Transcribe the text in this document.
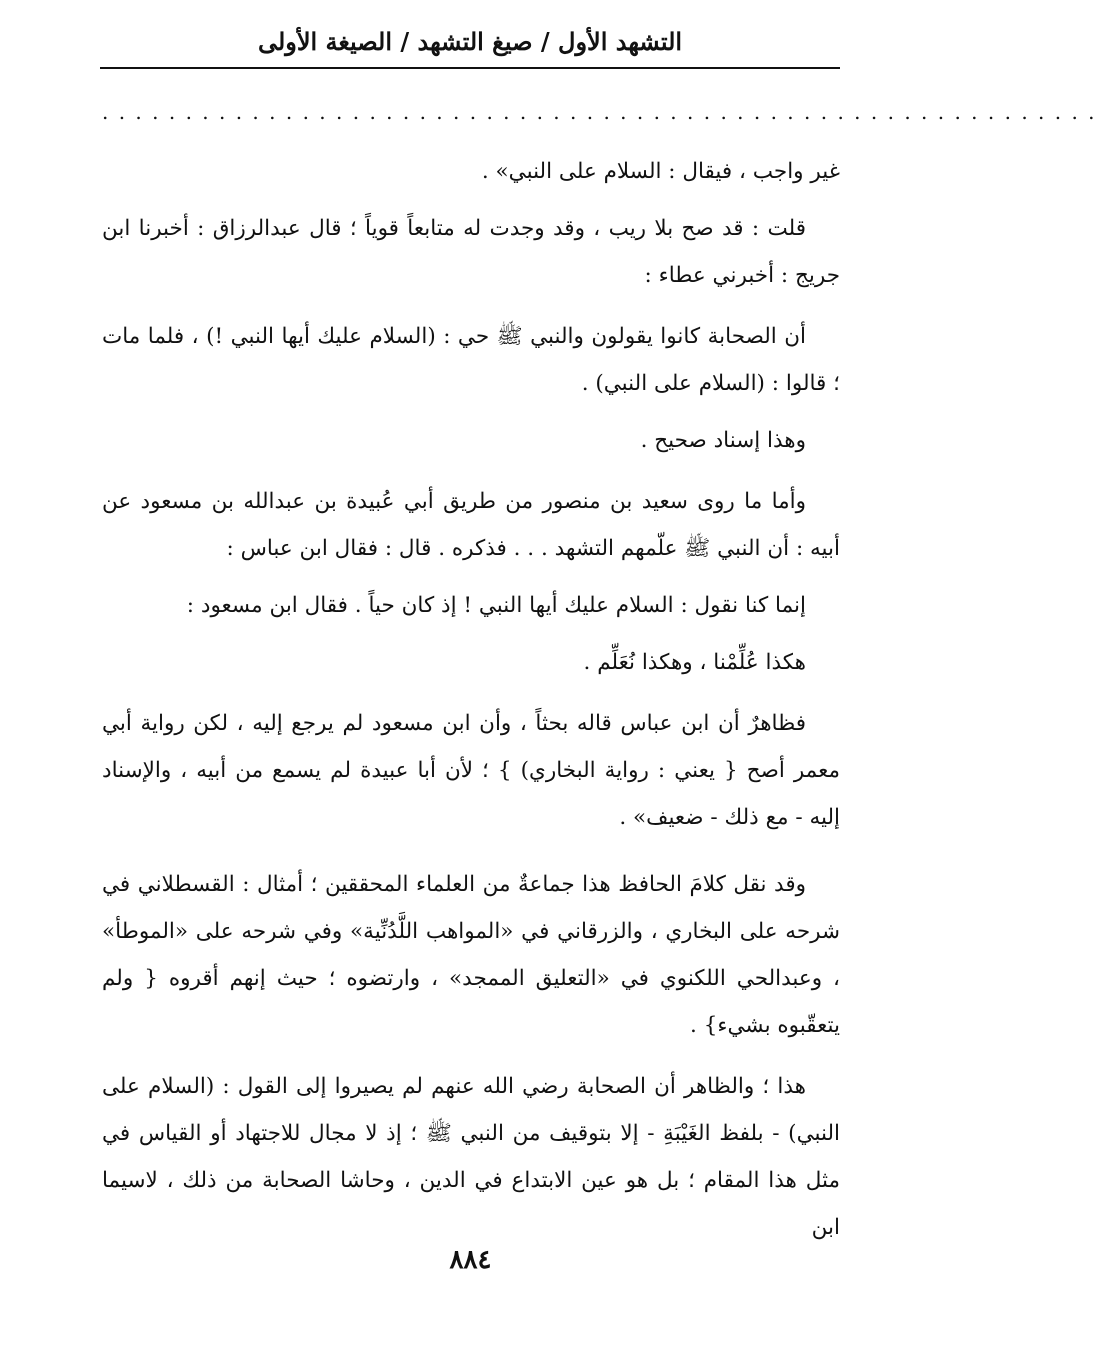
التشهد الأول / صيغ التشهد / الصيغة الأولى
. . . . . . . . . . . . . . . . . . . . . . . . . . . . . . . . . . . . . . . . . . . . . . . . . . . . . . . . . . . .

غير واجب ، فيقال : السلام على النبي» .

قلت : قد صح بلا ريب ، وقد وجدت له متابعاً قوياً ؛ قال عبدالرزاق : أخبرنا ابن جريج : أخبرني عطاء :

أن الصحابة كانوا يقولون والنبي ﷺ حي : (السلام عليك أيها النبي !) ، فلما مات ؛ قالوا : (السلام على النبي) .

وهذا إسناد صحيح .

وأما ما روى سعيد بن منصور من طريق أبي عُبيدة بن عبدالله بن مسعود عن أبيه : أن النبي ﷺ علّمهم التشهد . . . فذكره . قال : فقال ابن عباس :

إنما كنا نقول : السلام عليك أيها النبي ! إذ كان حياً . فقال ابن مسعود :

هكذا عُلِّمْنا ، وهكذا نُعَلِّم .

فظاهرٌ أن ابن عباس قاله بحثاً ، وأن ابن مسعود لم يرجع إليه ، لكن رواية أبي معمر أصح { يعني : رواية البخاري) } ؛ لأن أبا عبيدة لم يسمع من أبيه ، والإسناد إليه - مع ذلك - ضعيف» .

وقد نقل كلامَ الحافظ هذا جماعةٌ من العلماء المحققين ؛ أمثال : القسطلاني في شرحه على البخاري ، والزرقاني في «المواهب اللَّدُنِّية» وفي شرحه على «الموطأ» ، وعبدالحي اللكنوي في «التعليق الممجد» ، وارتضوه ؛ حيث إنهم أقروه { ولم يتعقّبوه بشيء} .

هذا ؛ والظاهر أن الصحابة رضي الله عنهم لم يصيروا إلى القول : (السلام على النبي) - بلفظ الغَيْبَةِ - إلا بتوقيف من النبي ﷺ ؛ إذ لا مجال للاجتهاد أو القياس في مثل هذا المقام ؛ بل هو عين الابتداع في الدين ، وحاشا الصحابة من ذلك ، لاسيما ابن

٨٨٤
